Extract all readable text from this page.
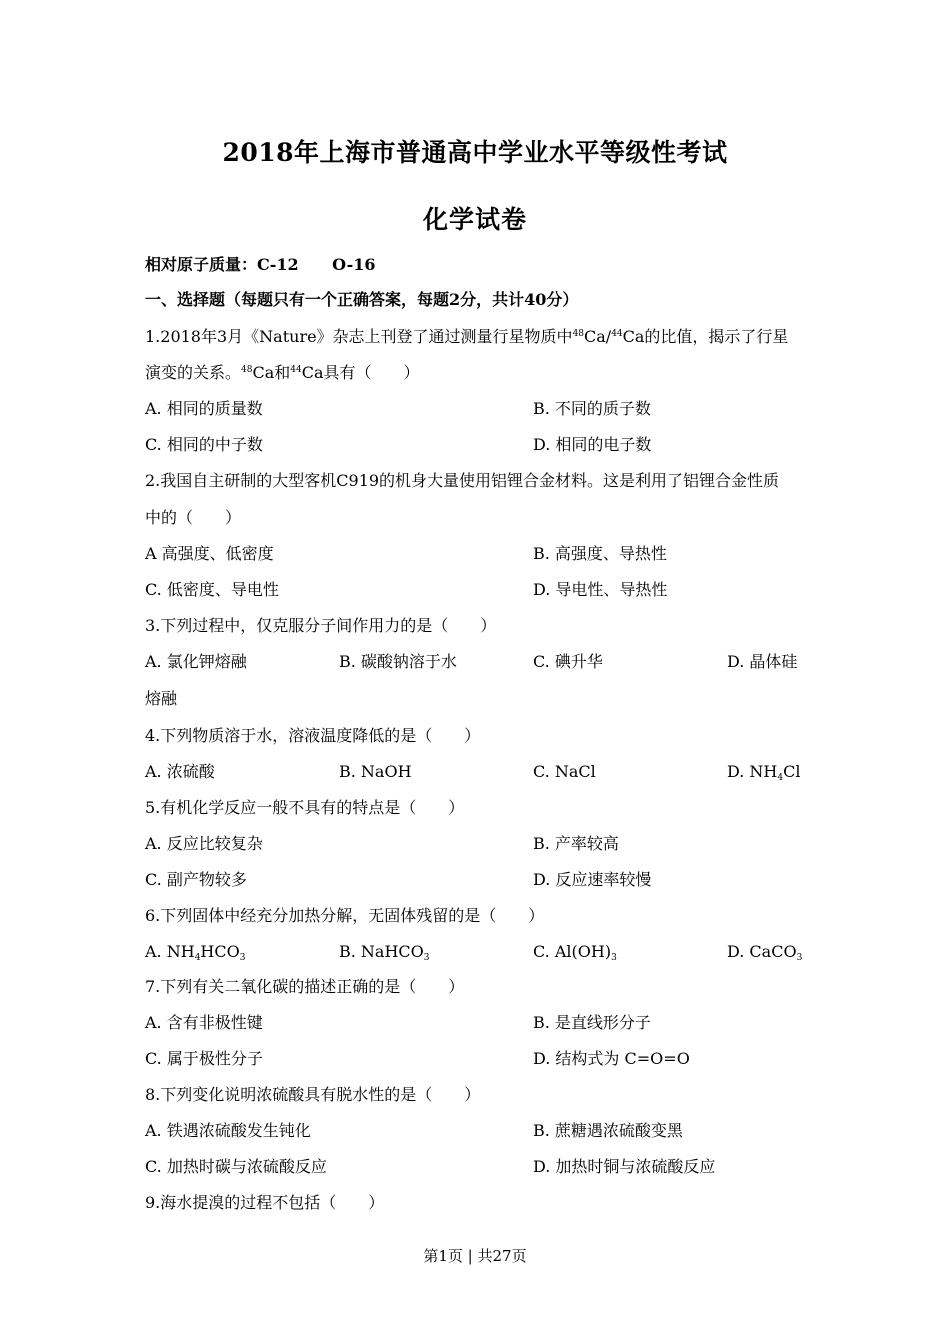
2018年上海市普通高中学业水平等级性考试
化学试卷
相对原子质量：C-12      O-16
一、选择题（每题只有一个正确答案，每题2分，共计40分）
1.2018年3月《Nature》杂志上刊登了通过测量行星物质中$^{48}$Ca/$^{44}$Ca的比值，揭示了行星
演变的关系。$^{48}$Ca和$^{44}$Ca具有（　　）
A. 相同的质量数	B. 不同的质子数
C. 相同的中子数	D. 相同的电子数
2.我国自主研制的大型客机C919的机身大量使用铝锂合金材料。这是利用了铝锂合金性质
中的（　　）
A 高强度、低密度	B. 高强度、导热性
C. 低密度、导电性	D. 导电性、导热性
3.下列过程中，仅克服分子间作用力的是（　　）
A. 氯化钾熔融	B. 碳酸钠溶于水	C. 碘升华	D. 晶体硅
熔融
4.下列物质溶于水，溶液温度降低的是（　　）
A. 浓硫酸	B. NaOH	C. NaCl	D. $NH_4Cl$
5.有机化学反应一般不具有的特点是（　　）
A. 反应比较复杂	B. 产率较高
C. 副产物较多	D. 反应速率较慢
6.下列固体中经充分加热分解，无固体残留的是（　　）
A. $NH_4HCO_3$	B. NaHCO$_3$	C. $Al(OH)_3$	D. CaCO$_3$
7.下列有关二氧化碳的描述正确的是（　　）
A. 含有非极性键	B. 是直线形分子
C. 属于极性分子	D. 结构式为 C=O=O
8.下列变化说明浓硫酸具有脱水性的是（　　）
A. 铁遇浓硫酸发生钝化	B. 蔗糖遇浓硫酸变黑
C. 加热时碳与浓硫酸反应	D. 加热时铜与浓硫酸反应
9.海水提溴的过程不包括（　　）
第1页 | 共27页
